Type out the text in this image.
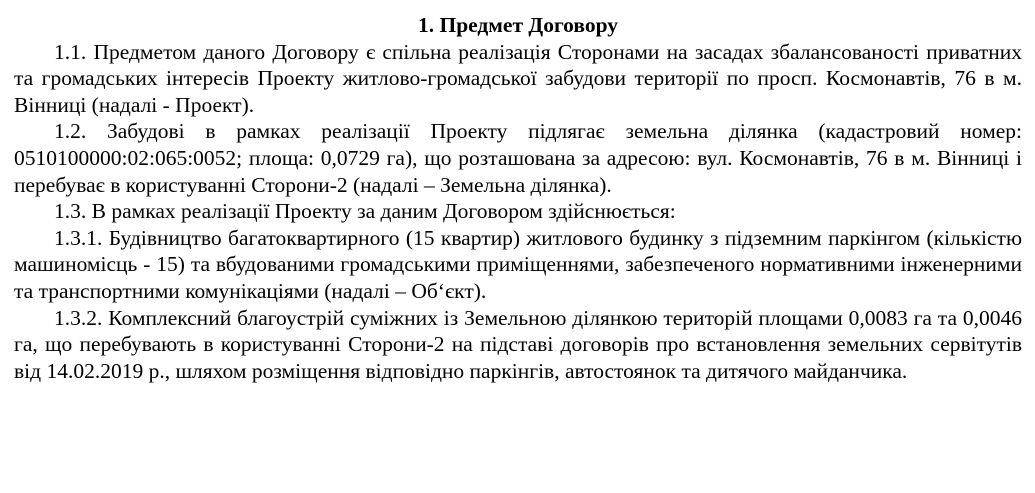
1. Предмет Договору

1.1. Предметом даного Договору є спільна реалізація Сторонами на засадах збалансованості приватних та громадських інтересів Проекту житлово-громадської забудови території по просп. Космонавтів, 76 в м. Вінниці (надалі - Проект).

1.2. Забудові в рамках реалізації Проекту підлягає земельна ділянка (кадастровий номер: 0510100000:02:065:0052; площа: 0,0729 га), що розташована за адресою: вул. Космонавтів, 76 в м. Вінниці і перебуває в користуванні Сторони-2 (надалі – Земельна ділянка).

1.3. В рамках реалізації Проекту за даним Договором здійснюється:

1.3.1. Будівництво багатоквартирного (15 квартир) житлового будинку з підземним паркінгом (кількістю машиномісць - 15) та вбудованими громадськими приміщеннями, забезпеченого нормативними інженерними та транспортними комунікаціями (надалі – Об‘єкт).

1.3.2. Комплексний благоустрій суміжних із Земельною ділянкою територій площами 0,0083 га та 0,0046 га, що перебувають в користуванні Сторони-2 на підставі договорів про встановлення земельних сервітутів від 14.02.2019 р., шляхом розміщення відповідно паркінгів, автостоянок та дитячого майданчика.
